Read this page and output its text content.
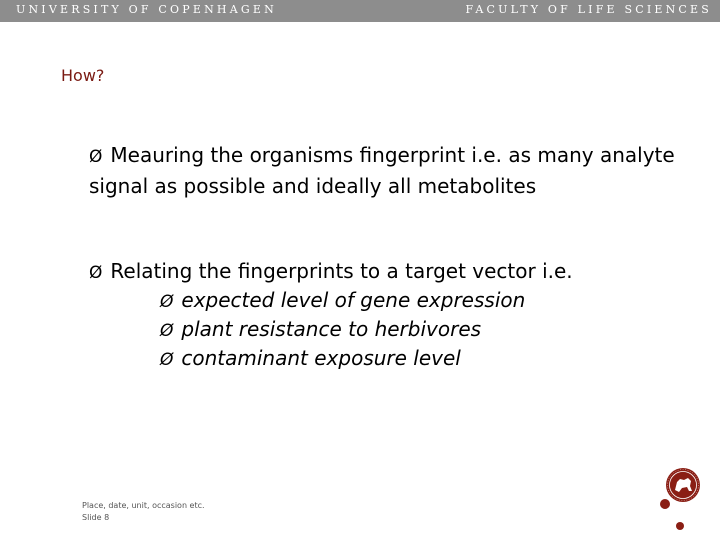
UNIVERSITY OF COPENHAGEN	FACULTY OF LIFE SCIENCES
How?
Ø Meauring the organisms fingerprint i.e. as many analyte signal as possible and ideally all metabolites
Ø Relating the fingerprints to a target vector i.e.
Ø expected level of gene expression
Ø plant resistance to herbivores
Ø contaminant exposure level
Place, date, unit, occasion etc.
Slide 8
